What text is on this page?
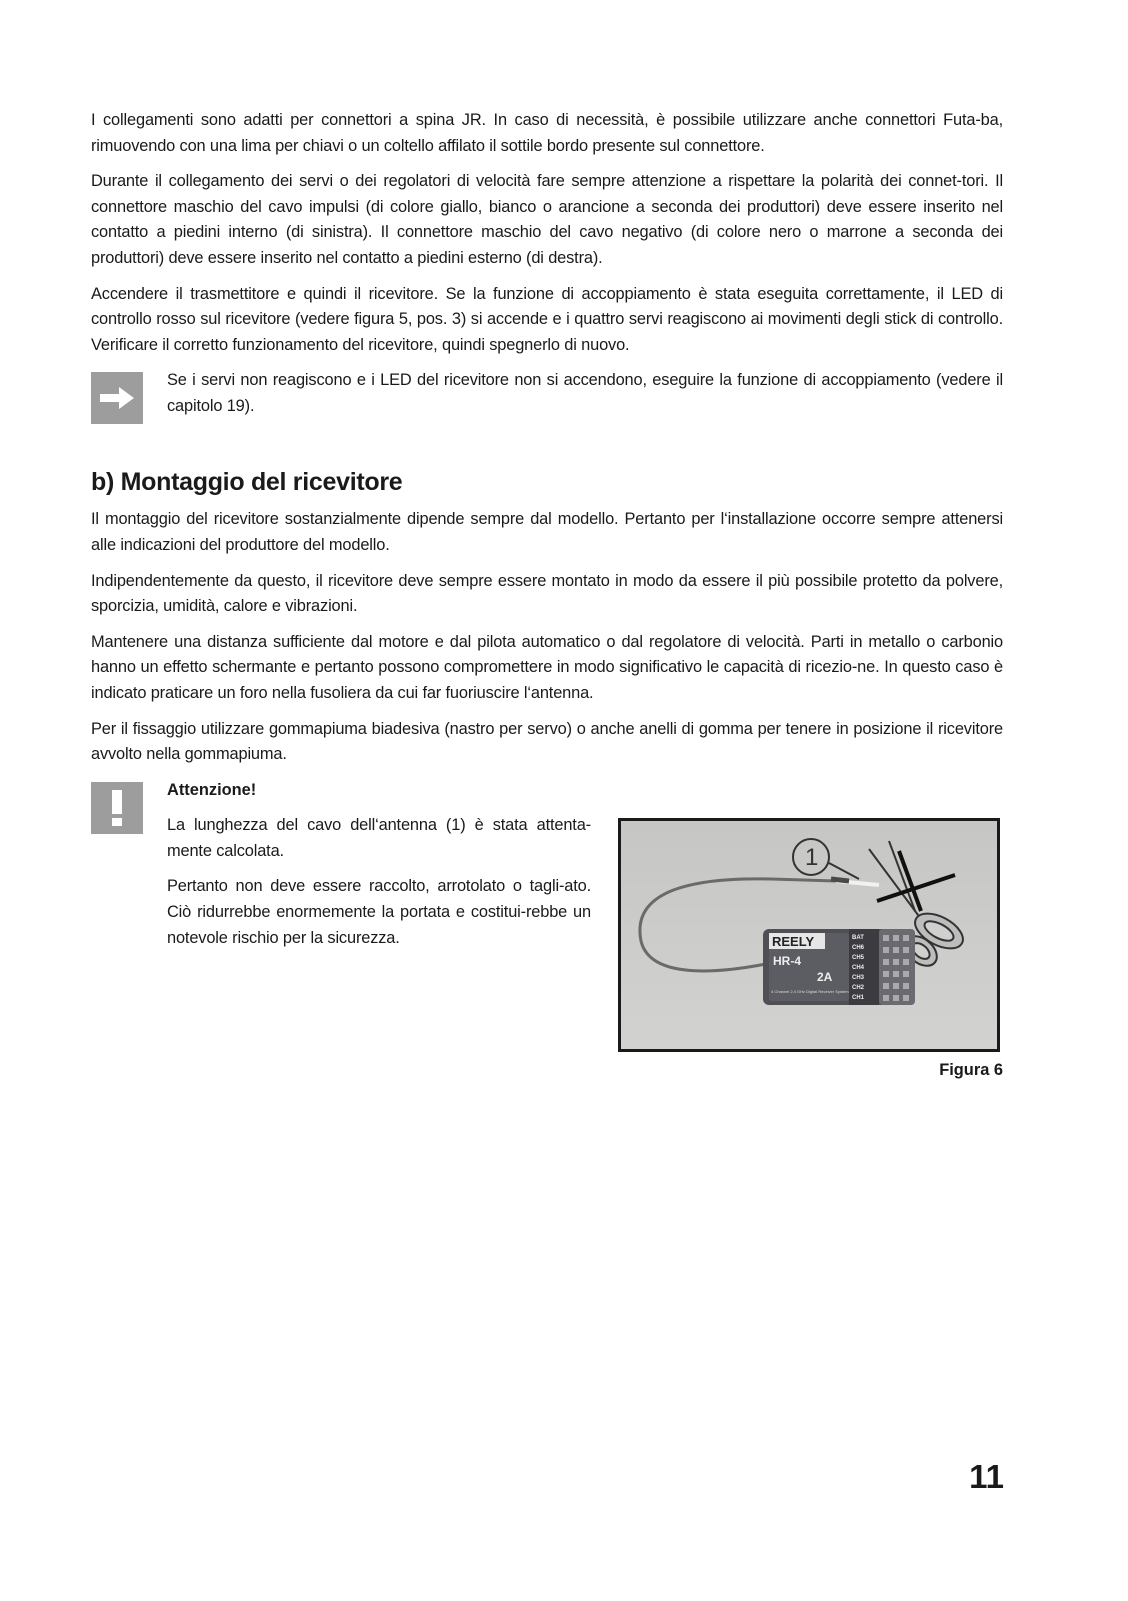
I collegamenti sono adatti per connettori a spina JR. In caso di necessità, è possibile utilizzare anche connettori Futa-ba, rimuovendo con una lima per chiavi o un coltello affilato il sottile bordo presente sul connettore.

Durante il collegamento dei servi o dei regolatori di velocità fare sempre attenzione a rispettare la polarità dei connet-tori. Il connettore maschio del cavo impulsi (di colore giallo, bianco o arancione a seconda dei produttori) deve essere inserito nel contatto a piedini interno (di sinistra). Il connettore maschio del cavo negativo (di colore nero o marrone a seconda dei produttori) deve essere inserito nel contatto a piedini esterno (di destra).

Accendere il trasmettitore e quindi il ricevitore. Se la funzione di accoppiamento è stata eseguita correttamente, il LED di controllo rosso sul ricevitore (vedere figura 5, pos. 3) si accende e i quattro servi reagiscono ai movimenti degli stick di controllo. Verificare il corretto funzionamento del ricevitore, quindi spegnerlo di nuovo.

Se i servi non reagiscono e i LED del ricevitore non si accendono, eseguire la funzione di accoppiamento (vedere il capitolo 19).

b) Montaggio del ricevitore

Il montaggio del ricevitore sostanzialmente dipende sempre dal modello. Pertanto per l‘installazione occorre sempre attenersi alle indicazioni del produttore del modello.

Indipendentemente da questo, il ricevitore deve sempre essere montato in modo da essere il più possibile protetto da polvere, sporcizia, umidità, calore e vibrazioni.

Mantenere una distanza sufficiente dal motore e dal pilota automatico o dal regolatore di velocità. Parti in metallo o carbonio hanno un effetto schermante e pertanto possono compromettere in modo significativo le capacità di ricezio-ne. In questo caso è indicato praticare un foro nella fusoliera da cui far fuoriuscire l‘antenna.

Per il fissaggio utilizzare gommapiuma biadesiva (nastro per servo) o anche anelli di gomma per tenere in posizione il ricevitore avvolto nella gommapiuma.

Attenzione!

La lunghezza del cavo dell‘antenna (1) è stata attenta-mente calcolata.

Pertanto non deve essere raccolto, arrotolato o tagli-ato. Ciò ridurrebbe enormemente la portata e costitui-rebbe un notevole rischio per la sicurezza.

1
REELY
HR-4
2A
4 Channel 2.4 GHz Digital Receiver System
BAT
CH6
CH5
CH4
CH3
CH2
CH1
Figura 6
11
